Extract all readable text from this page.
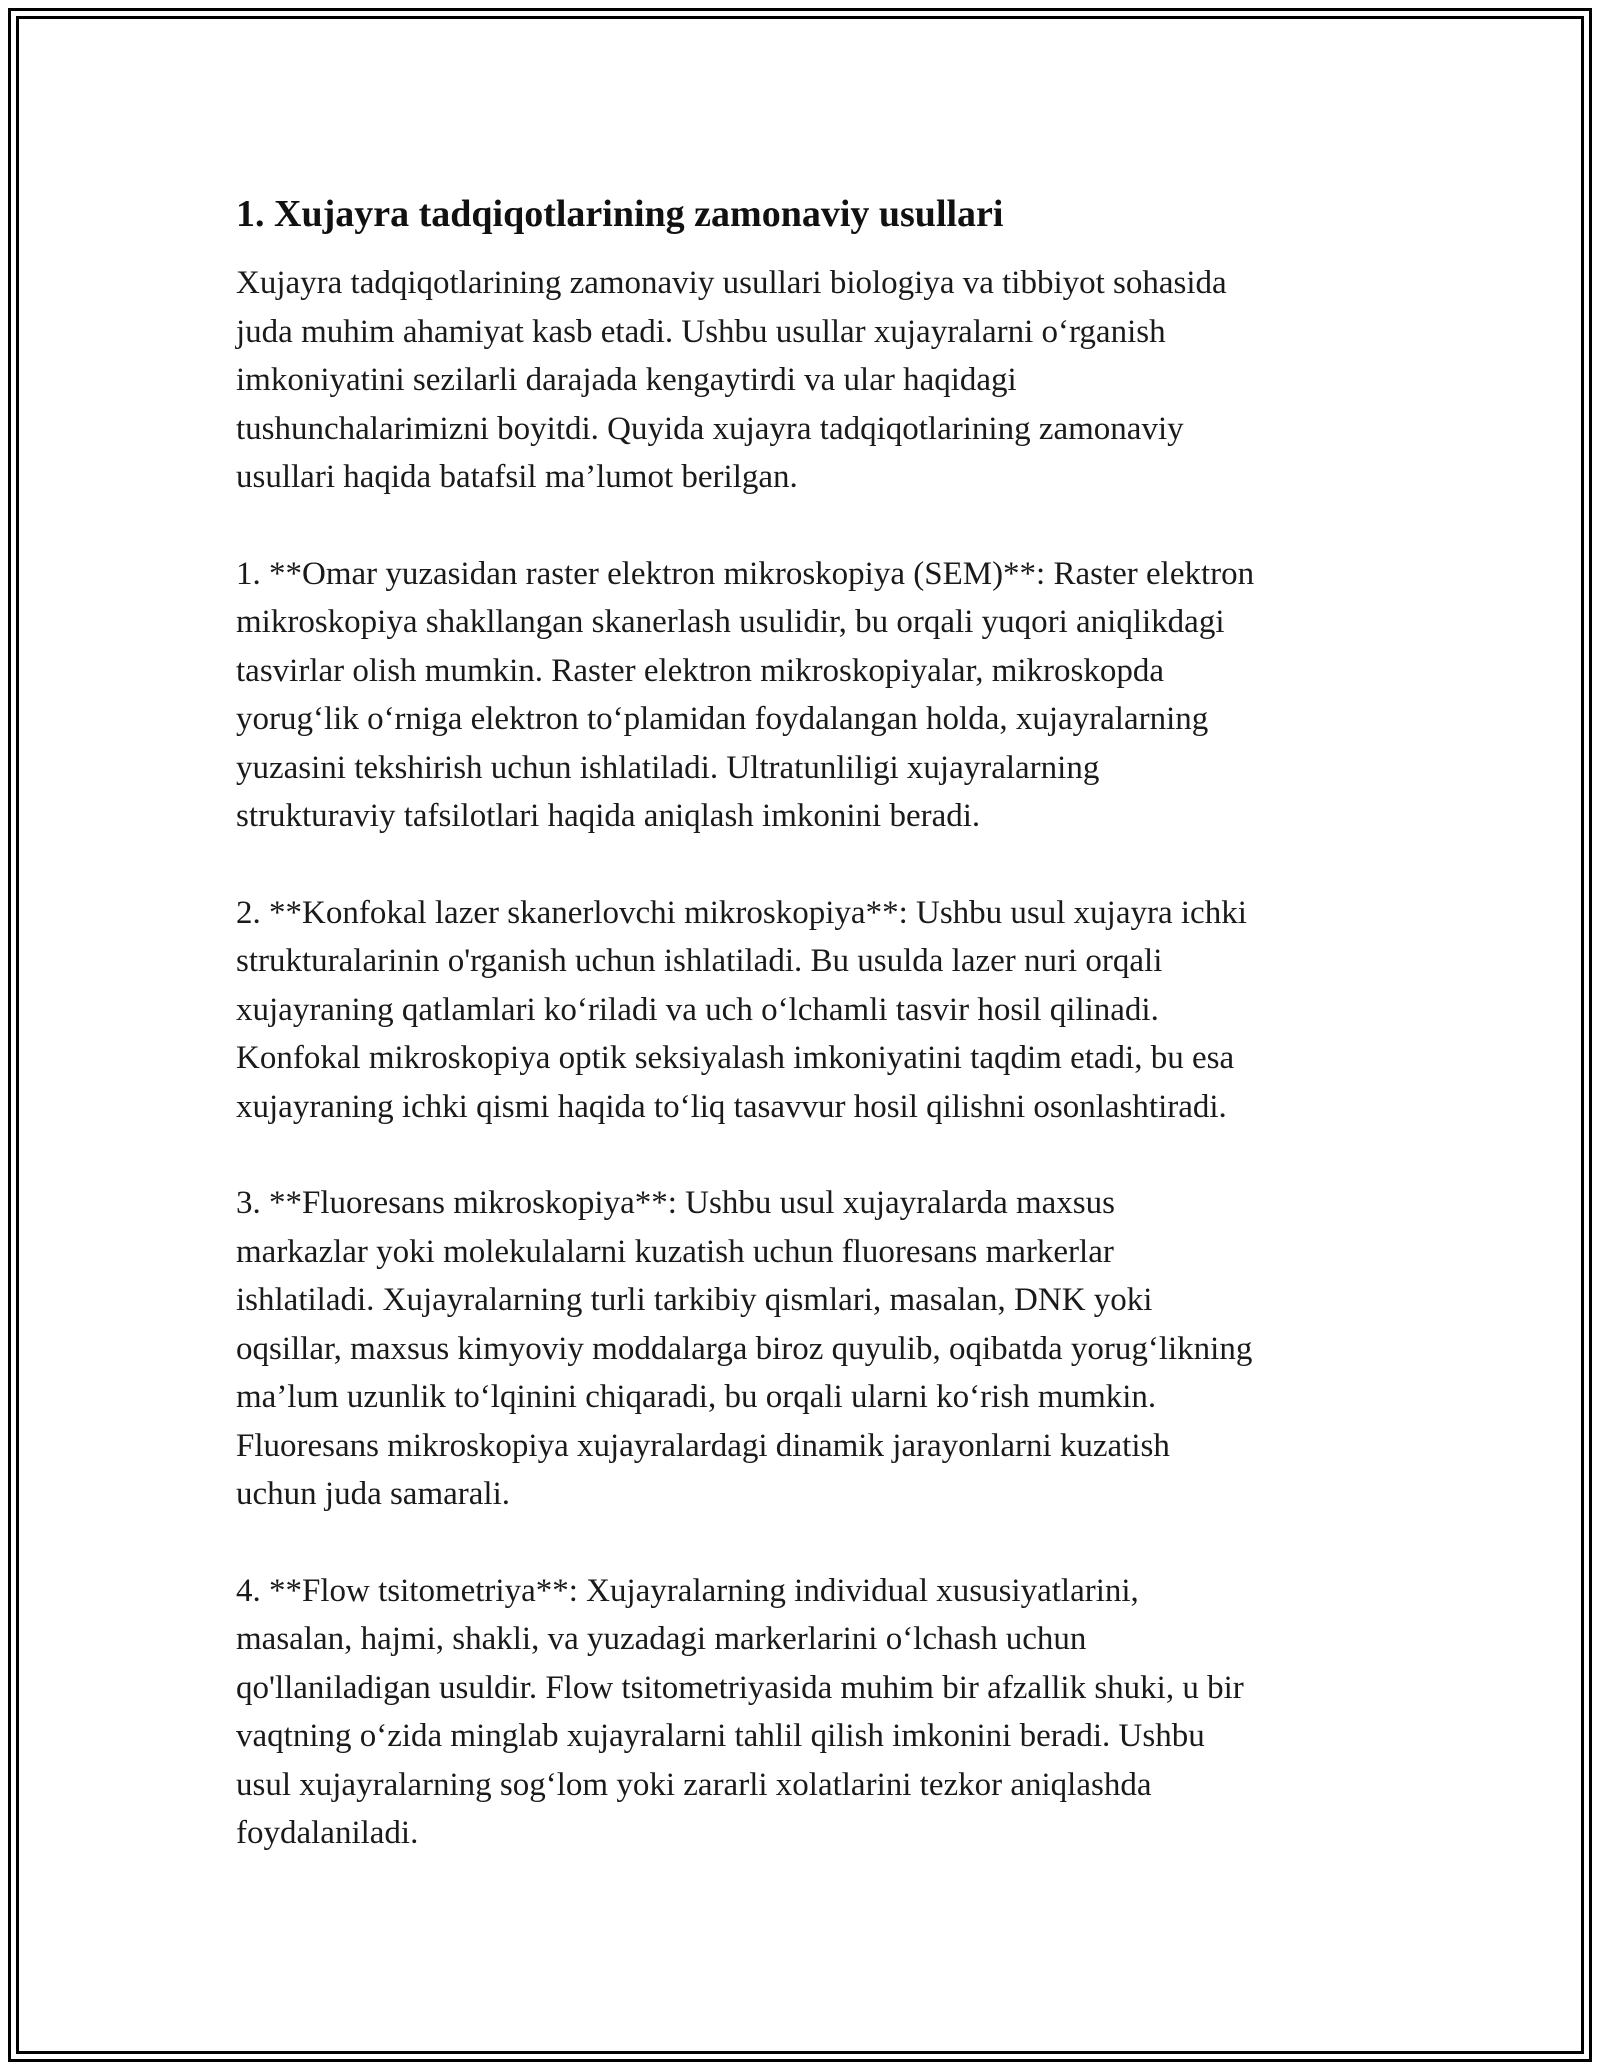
1. Xujayra tadqiqotlarining zamonaviy usullari

Xujayra tadqiqotlarining zamonaviy usullari biologiya va tibbiyot sohasida
juda muhim ahamiyat kasb etadi. Ushbu usullar xujayralarni o‘rganish
imkoniyatini sezilarli darajada kengaytirdi va ular haqidagi
tushunchalarimizni boyitdi. Quyida xujayra tadqiqotlarining zamonaviy
usullari haqida batafsil ma’lumot berilgan.

1. **Omar yuzasidan raster elektron mikroskopiya (SEM)**: Raster elektron
mikroskopiya shakllangan skanerlash usulidir, bu orqali yuqori aniqlikdagi
tasvirlar olish mumkin. Raster elektron mikroskopiyalar, mikroskopda
yorug‘lik o‘rniga elektron to‘plamidan foydalangan holda, xujayralarning
yuzasini tekshirish uchun ishlatiladi. Ultratunliligi xujayralarning
strukturaviy tafsilotlari haqida aniqlash imkonini beradi.

2. **Konfokal lazer skanerlovchi mikroskopiya**: Ushbu usul xujayra ichki
strukturalarinin o'rganish uchun ishlatiladi. Bu usulda lazer nuri orqali
xujayraning qatlamlari ko‘riladi va uch o‘lchamli tasvir hosil qilinadi.
Konfokal mikroskopiya optik seksiyalash imkoniyatini taqdim etadi, bu esa
xujayraning ichki qismi haqida to‘liq tasavvur hosil qilishni osonlashtiradi.

3. **Fluoresans mikroskopiya**: Ushbu usul xujayralarda maxsus
markazlar yoki molekulalarni kuzatish uchun fluoresans markerlar
ishlatiladi. Xujayralarning turli tarkibiy qismlari, masalan, DNK yoki
oqsillar, maxsus kimyoviy moddalarga biroz quyulib, oqibatda yorug‘likning
ma’lum uzunlik to‘lqinini chiqaradi, bu orqali ularni ko‘rish mumkin.
Fluoresans mikroskopiya xujayralardagi dinamik jarayonlarni kuzatish
uchun juda samarali.

4. **Flow tsitometriya**: Xujayralarning individual xususiyatlarini,
masalan, hajmi, shakli, va yuzadagi markerlarini o‘lchash uchun
qo'llaniladigan usuldir. Flow tsitometriyasida muhim bir afzallik shuki, u bir
vaqtning o‘zida minglab xujayralarni tahlil qilish imkonini beradi. Ushbu
usul xujayralarning sog‘lom yoki zararli xolatlarini tezkor aniqlashda
foydalaniladi.
